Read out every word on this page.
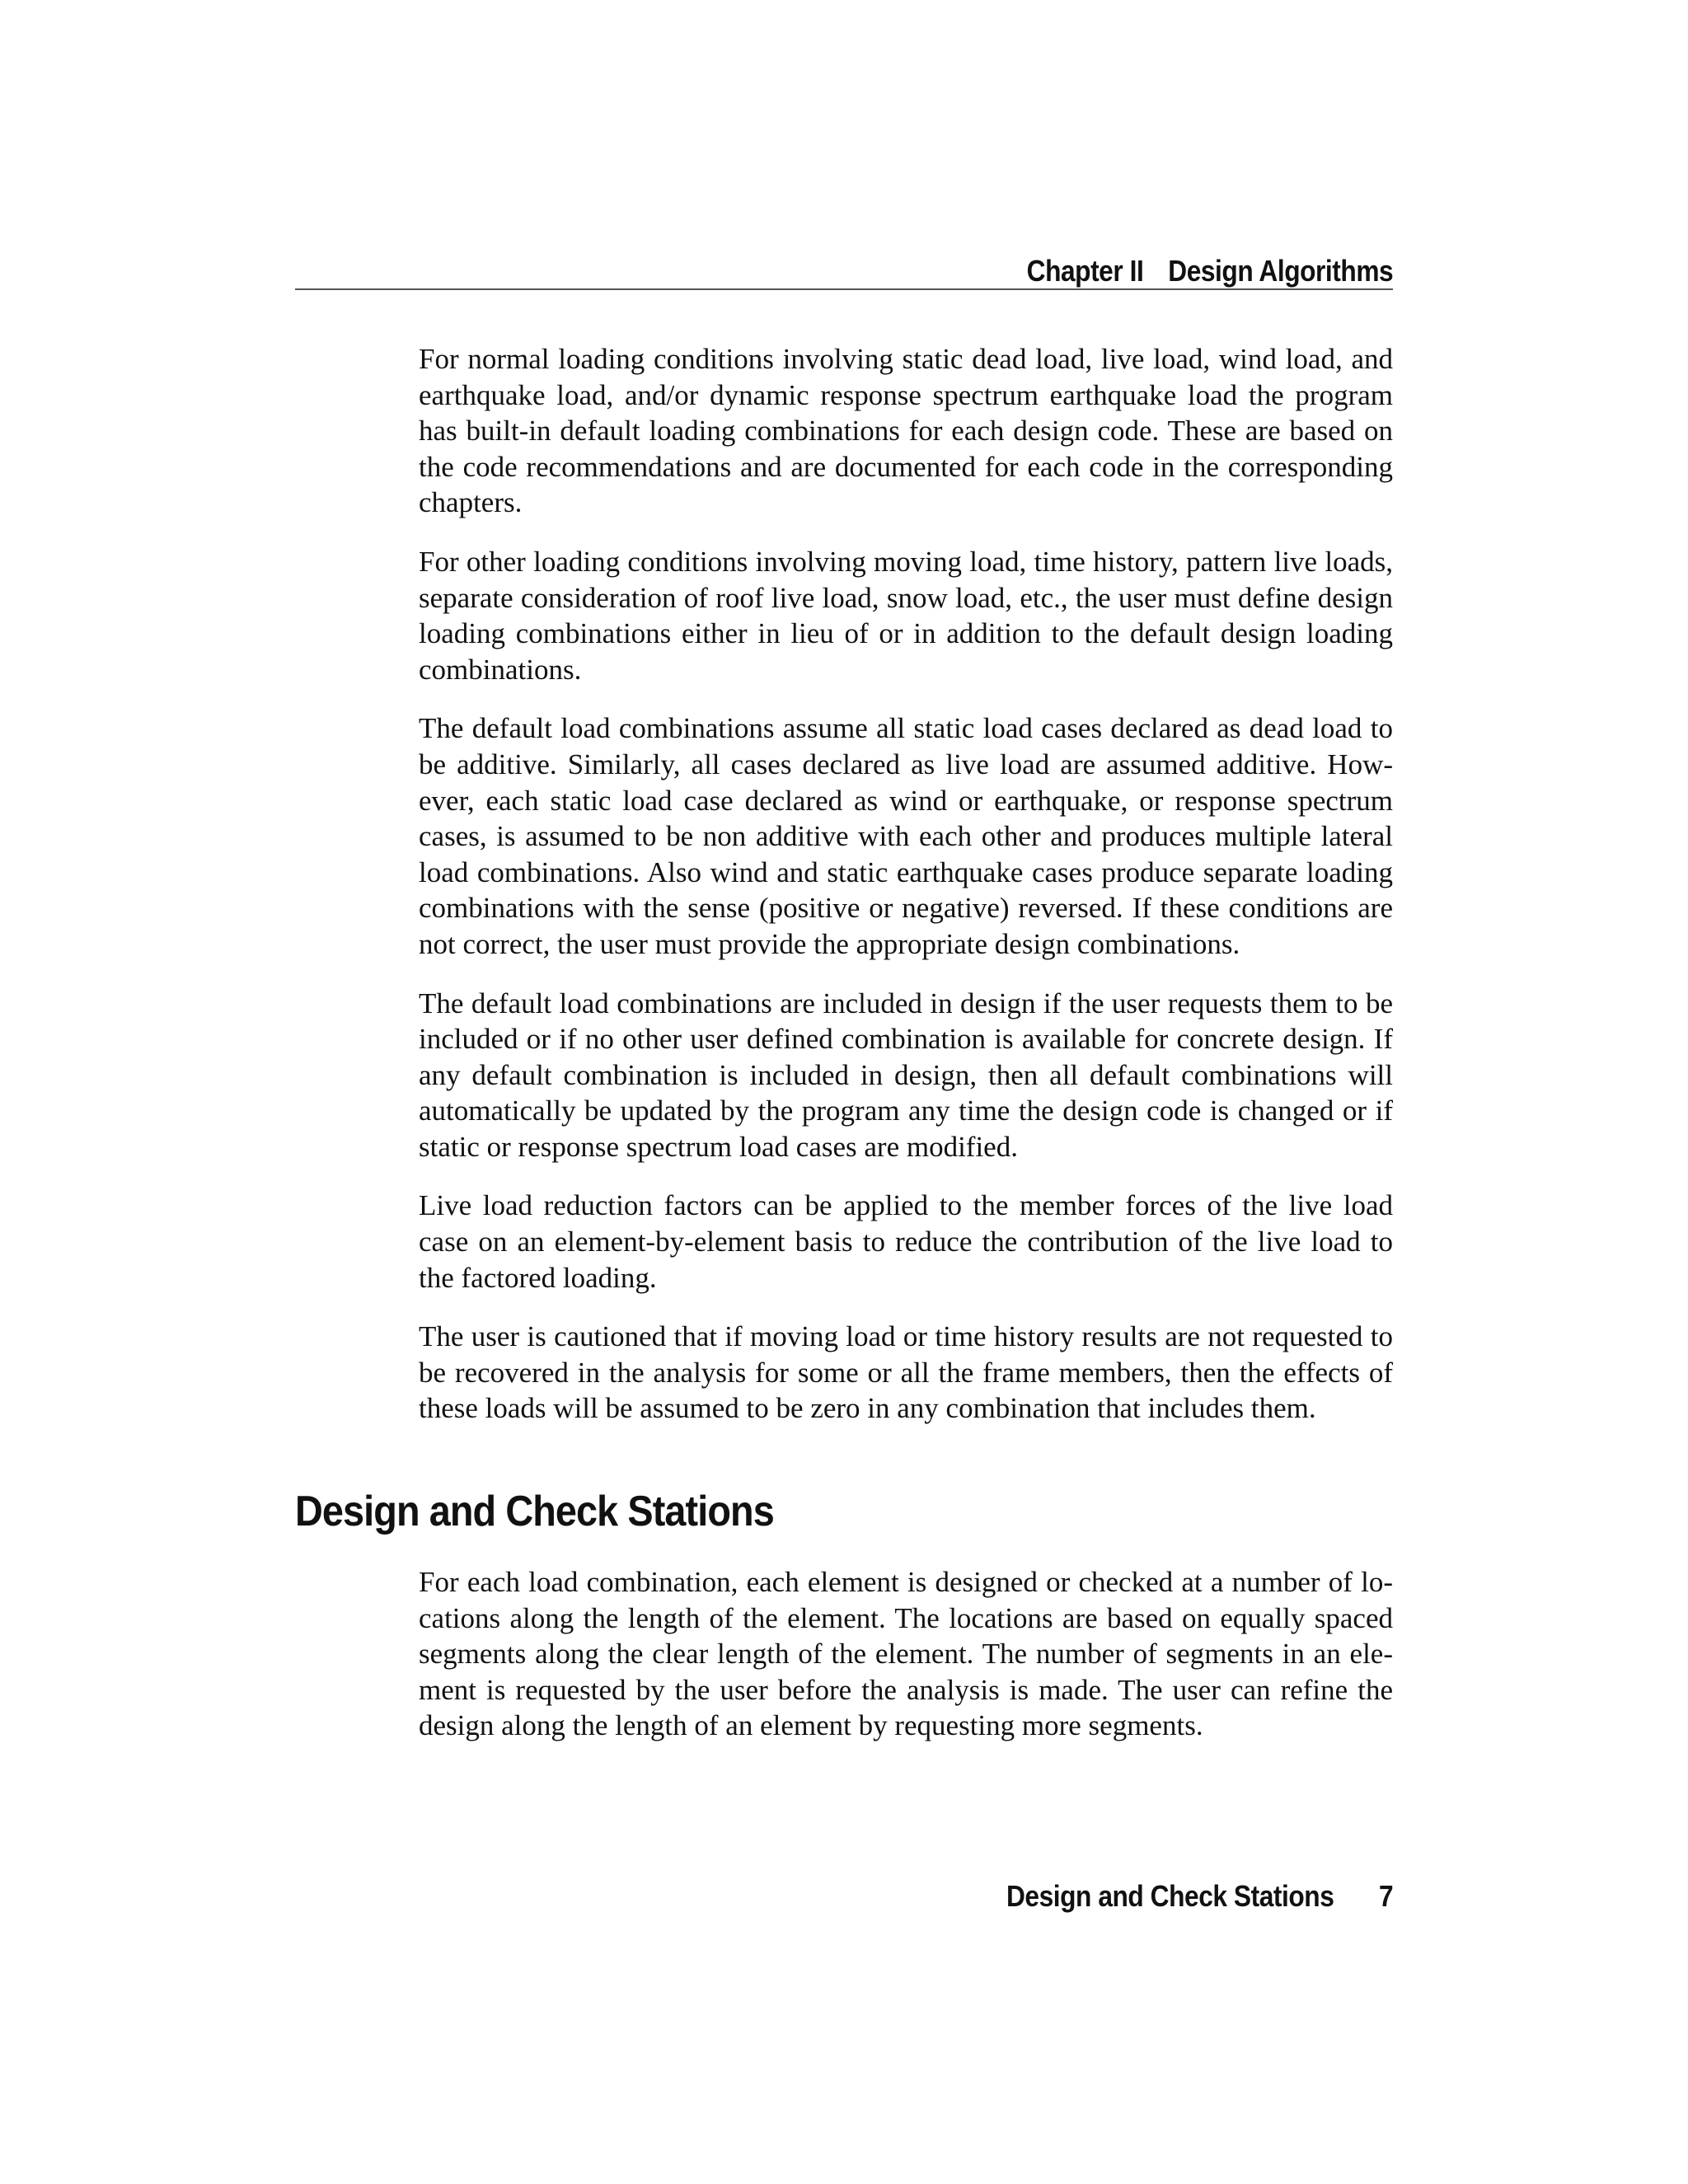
Chapter II Design Algorithms

For normal loading conditions involving static dead load, live load, wind load, and earthquake load, and/or dynamic response spectrum earthquake load the program has built-in default loading combinations for each design code. These are based on the code recommendations and are documented for each code in the corresponding chapters.

For other loading conditions involving moving load, time history, pattern live loads, separate consideration of roof live load, snow load, etc., the user must define design loading combinations either in lieu of or in addition to the default design loading combinations.

The default load combinations assume all static load cases declared as dead load to be additive. Similarly, all cases declared as live load are assumed additive. However, each static load case declared as wind or earthquake, or response spectrum cases, is assumed to be non additive with each other and produces multiple lateral load combinations. Also wind and static earthquake cases produce separate loading combinations with the sense (positive or negative) reversed. If these conditions are not correct, the user must provide the appropriate design combinations.

The default load combinations are included in design if the user requests them to be included or if no other user defined combination is available for concrete design. If any default combination is included in design, then all default combinations will automatically be updated by the program any time the design code is changed or if static or response spectrum load cases are modified.

Live load reduction factors can be applied to the member forces of the live load case on an element-by-element basis to reduce the contribution of the live load to the factored loading.

The user is cautioned that if moving load or time history results are not requested to be recovered in the analysis for some or all the frame members, then the effects of these loads will be assumed to be zero in any combination that includes them.

Design and Check Stations

For each load combination, each element is designed or checked at a number of locations along the length of the element. The locations are based on equally spaced segments along the clear length of the element. The number of segments in an element is requested by the user before the analysis is made. The user can refine the design along the length of an element by requesting more segments.

Design and Check Stations 7
